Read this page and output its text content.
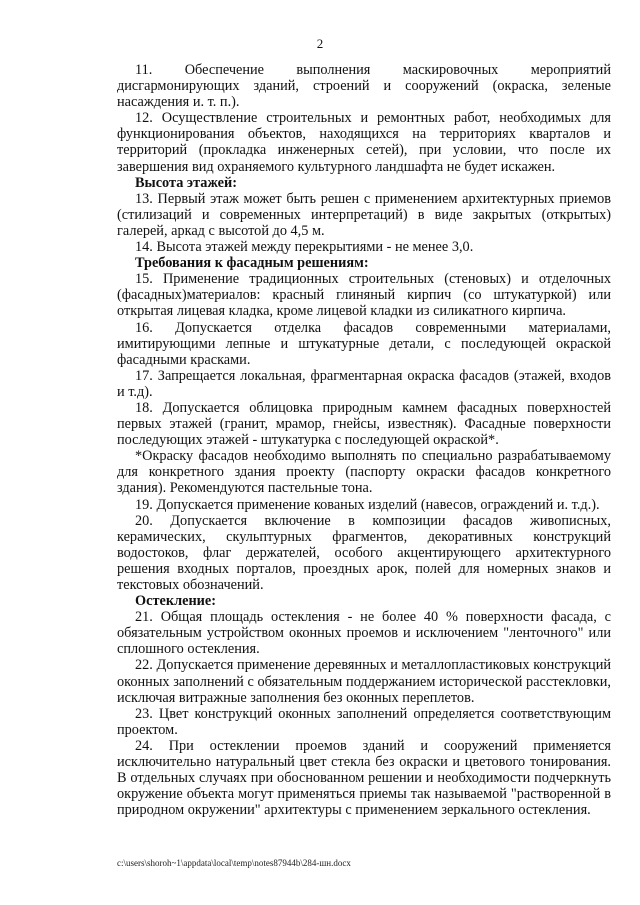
2

11. Обеспечение выполнения маскировочных мероприятий дисгармонирующих зданий, строений и сооружений (окраска, зеленые насаждения и. т. п.).

12. Осуществление строительных и ремонтных работ, необходимых для функционирования объектов, находящихся на территориях кварталов и территорий (прокладка инженерных сетей), при условии, что после их завершения вид охраняемого культурного ландшафта не будет искажен.

Высота этажей:

13. Первый этаж может быть решен с применением архитектурных приемов (стилизаций и современных интерпретаций) в виде закрытых (открытых) галерей, аркад с высотой до 4,5 м.

14. Высота этажей между перекрытиями - не менее 3,0.

Требования к фасадным решениям:

15. Применение традиционных строительных (стеновых) и отделочных (фасадных)материалов: красный глиняный кирпич (со штукатуркой) или открытая лицевая кладка, кроме лицевой кладки из силикатного кирпича.

16. Допускается отделка фасадов современными материалами, имитирующими лепные и штукатурные детали, с последующей окраской фасадными красками.

17. Запрещается локальная, фрагментарная окраска фасадов (этажей, входов и т.д).

18. Допускается облицовка природным камнем фасадных поверхностей первых этажей (гранит, мрамор, гнейсы, известняк). Фасадные поверхности последующих этажей - штукатурка с последующей окраской*.

*Окраску фасадов необходимо выполнять по специально разрабатываемому для конкретного здания проекту (паспорту окраски фасадов конкретного здания). Рекомендуются пастельные тона.

19. Допускается применение кованых изделий (навесов, ограждений и. т.д.).

20. Допускается включение в композиции фасадов живописных, керамических, скульптурных фрагментов, декоративных конструкций водостоков, флаг держателей, особого акцентирующего архитектурного решения входных порталов, проездных арок, полей для номерных знаков и текстовых обозначений.

Остекление:

21. Общая площадь остекления - не более 40 % поверхности фасада, с обязательным устройством оконных проемов и исключением "ленточного" или сплошного остекления.

22. Допускается применение деревянных и металлопластиковых конструкций оконных заполнений с обязательным поддержанием исторической расстекловки, исключая витражные заполнения без оконных переплетов.

23. Цвет конструкций оконных заполнений определяется соответствующим проектом.

24. При остеклении проемов зданий и сооружений применяется исключительно натуральный цвет стекла без окраски и цветового тонирования. В отдельных случаях при обоснованном решении и необходимости подчеркнуть окружение объекта могут применяться приемы так называемой "растворенной в природном окружении" архитектуры с применением зеркального остекления.

c:\users\shoroh~1\appdata\local\temp\notes87944b\284-шн.docx
